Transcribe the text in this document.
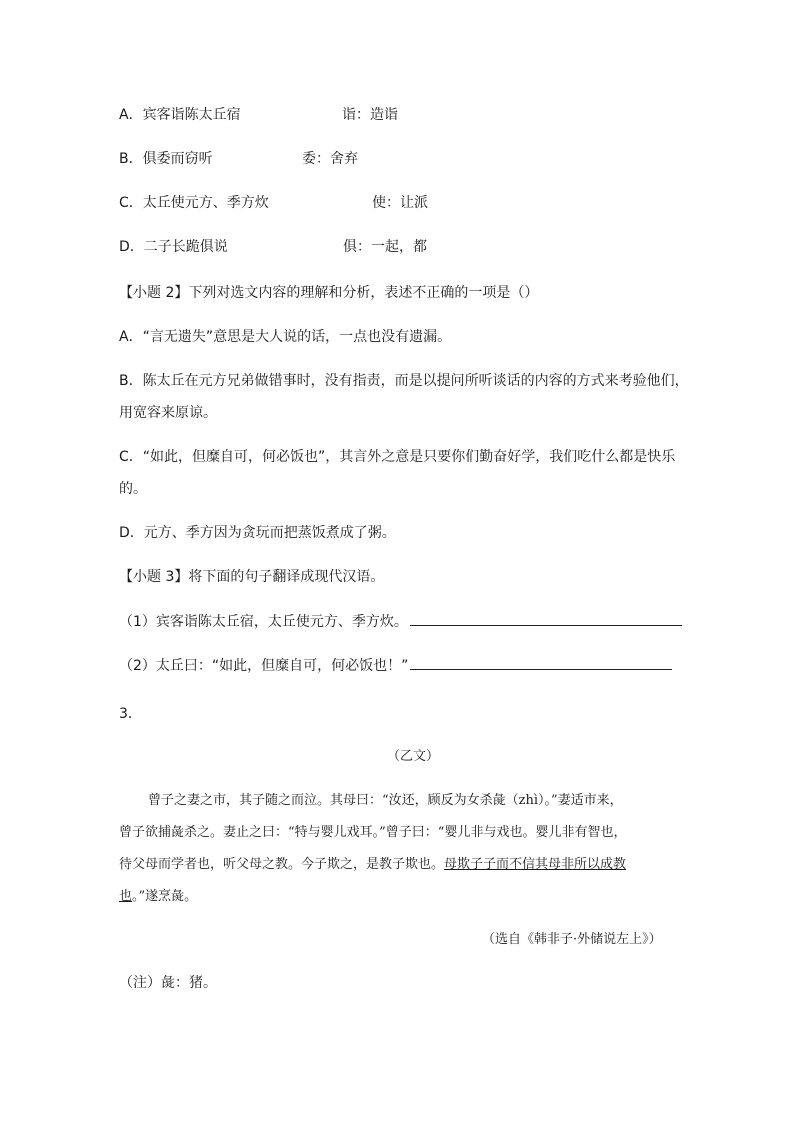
A．宾客诣陈太丘宿	诣：造诣
B．俱委而窃听	委：舍弃
C．太丘使元方、季方炊	使：让派
D．二子长跪俱说	俱：一起，都
【小题 2】下列对选文内容的理解和分析，表述不正确的一项是（）
A．“言无遗失”意思是大人说的话，一点也没有遗漏。
B．陈太丘在元方兄弟做错事时，没有指责，而是以提问所听谈话的内容的方式来考验他们，
用宽容来原谅。
C．“如此，但糜自可，何必饭也”，其言外之意是只要你们勤奋好学，我们吃什么都是快乐
的。
D．元方、季方因为贪玩而把蒸饭煮成了粥。
【小题 3】将下面的句子翻译成现代汉语。
（1）宾客诣陈太丘宿，太丘使元方、季方炊。
（2）太丘曰：“如此，但糜自可，何必饭也！”
3．
（乙文）
曾子之妻之市，其子随之而泣。其母曰：“汝还，顾反为女杀彘（zhì）。”妻适市来，
曾子欲捕彘杀之。妻止之曰：“特与婴儿戏耳。”曾子曰：“婴儿非与戏也。婴儿非有智也，
待父母而学者也，听父母之教。今子欺之，是教子欺也。母欺子子而不信其母非所以成教
也。”遂烹彘。
（选自《韩非子·外储说左上》）
（注）彘：猪。
